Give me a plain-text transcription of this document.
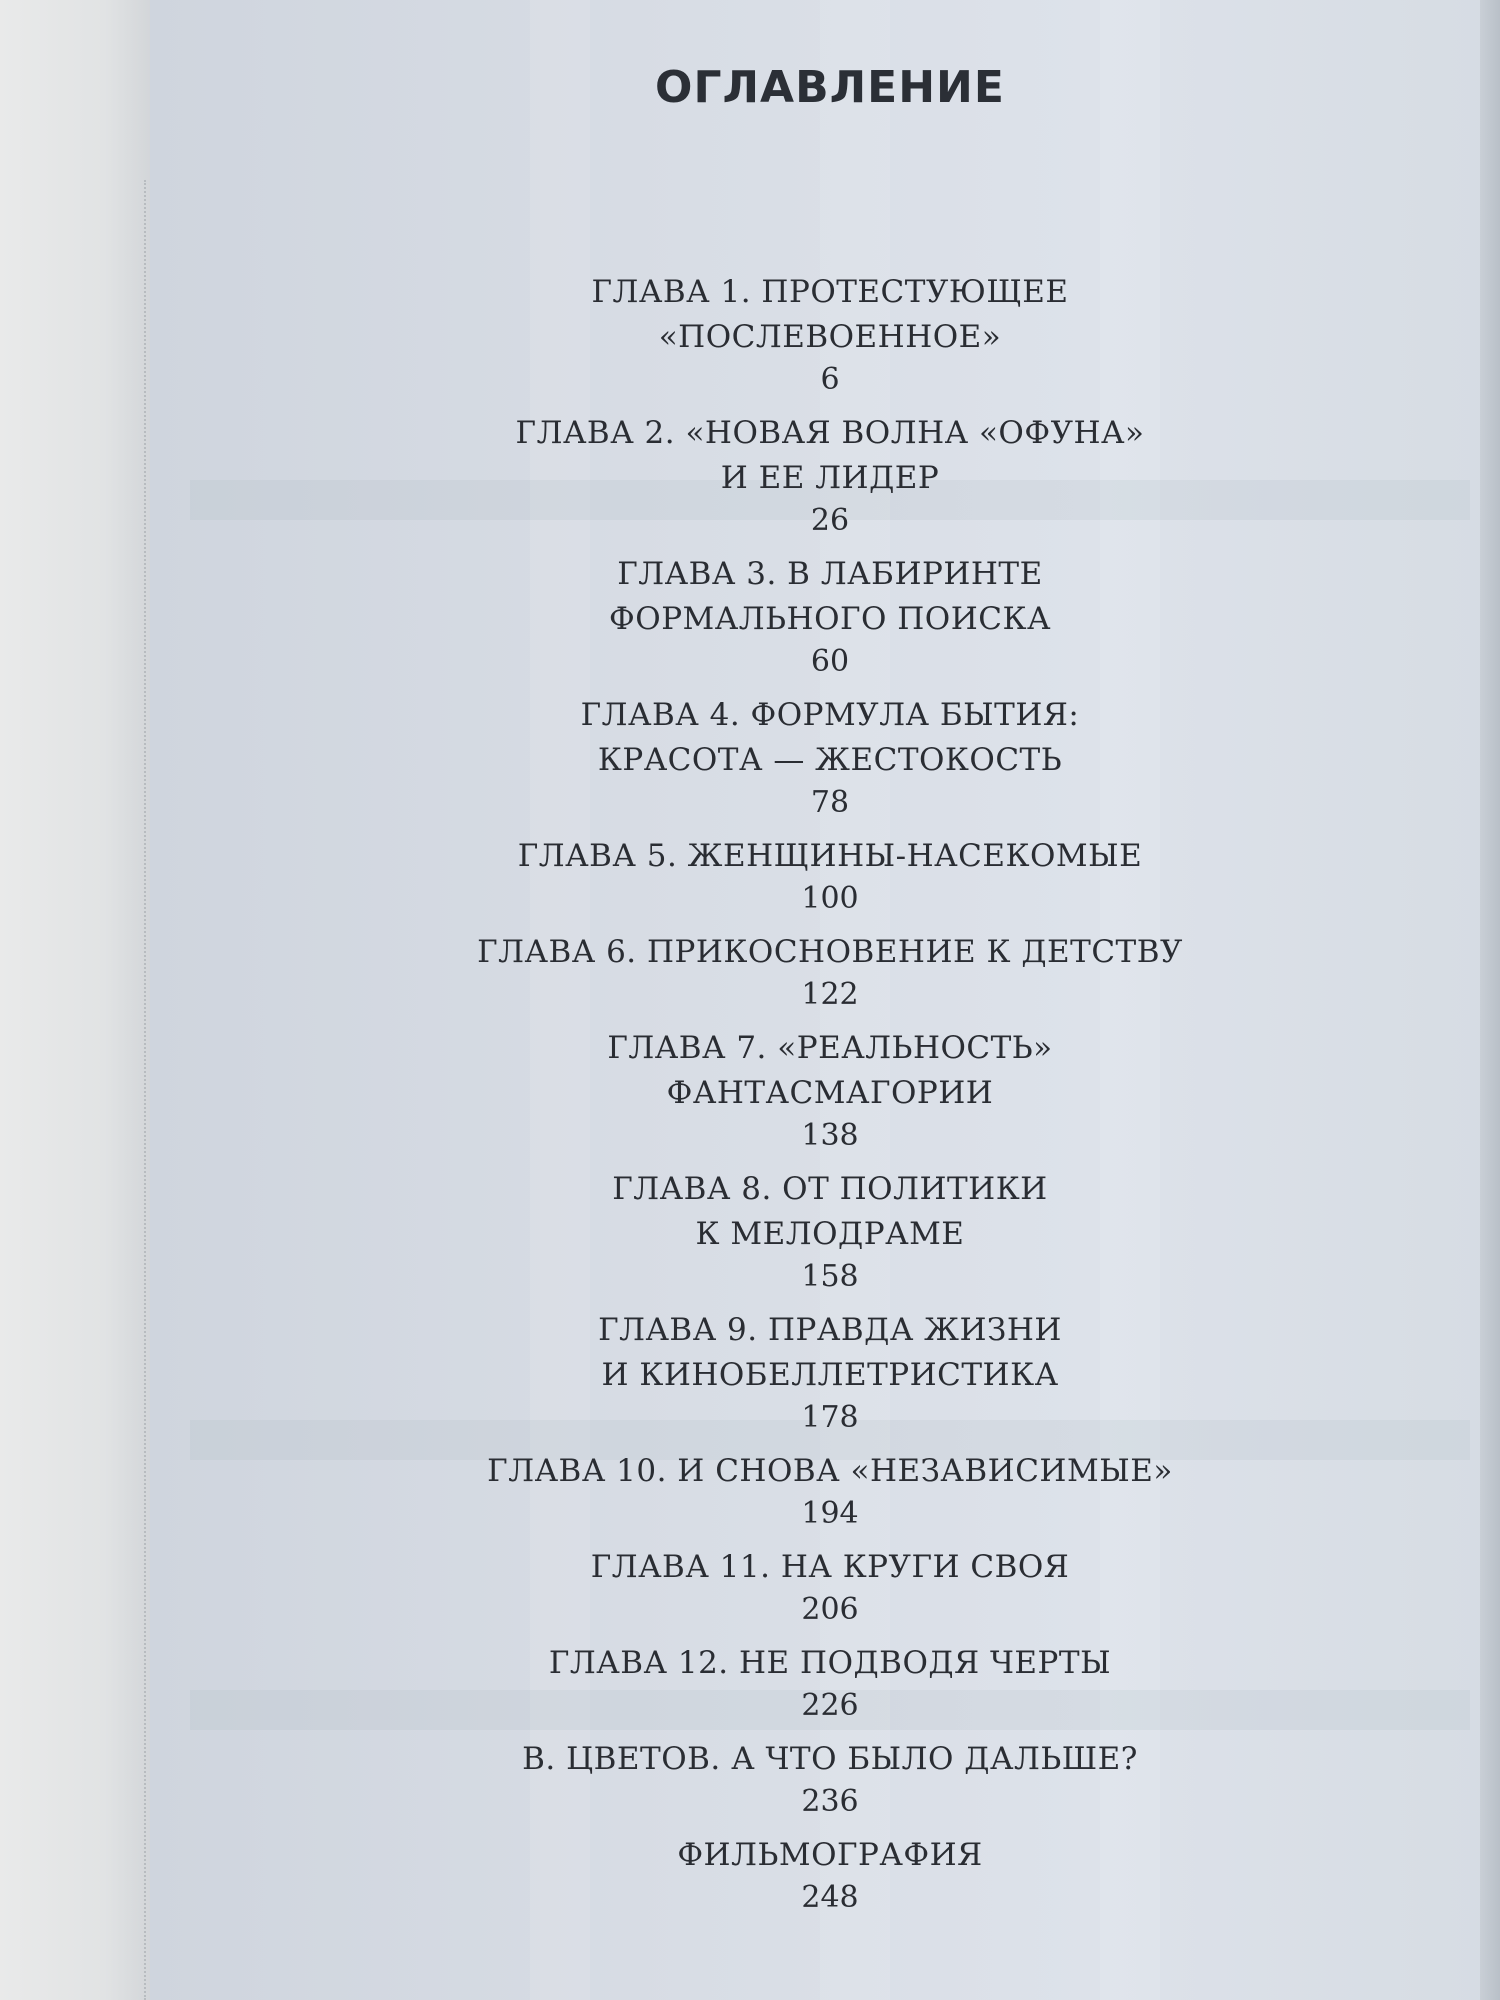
ОГЛАВЛЕНИЕ
ГЛАВА 1. ПРОТЕСТУЮЩЕЕ
«ПОСЛЕВОЕННОЕ»
6
ГЛАВА 2. «НОВАЯ ВОЛНА «ОФУНА»
И ЕЕ ЛИДЕР
26
ГЛАВА 3. В ЛАБИРИНТЕ
ФОРМАЛЬНОГО ПОИСКА
60
ГЛАВА 4. ФОРМУЛА БЫТИЯ:
КРАСОТА — ЖЕСТОКОСТЬ
78
ГЛАВА 5. ЖЕНЩИНЫ-НАСЕКОМЫЕ
100
ГЛАВА 6. ПРИКОСНОВЕНИЕ К ДЕТСТВУ
122
ГЛАВА 7. «РЕАЛЬНОСТЬ»
ФАНТАСМАГОРИИ
138
ГЛАВА 8. ОТ ПОЛИТИКИ
К МЕЛОДРАМЕ
158
ГЛАВА 9. ПРАВДА ЖИЗНИ
И КИНОБЕЛЛЕТРИСТИКА
178
ГЛАВА 10. И СНОВА «НЕЗАВИСИМЫЕ»
194
ГЛАВА 11. НА КРУГИ СВОЯ
206
ГЛАВА 12. НЕ ПОДВОДЯ ЧЕРТЫ
226
В. ЦВЕТОВ. А ЧТО БЫЛО ДАЛЬШЕ?
236
ФИЛЬМОГРАФИЯ
248
